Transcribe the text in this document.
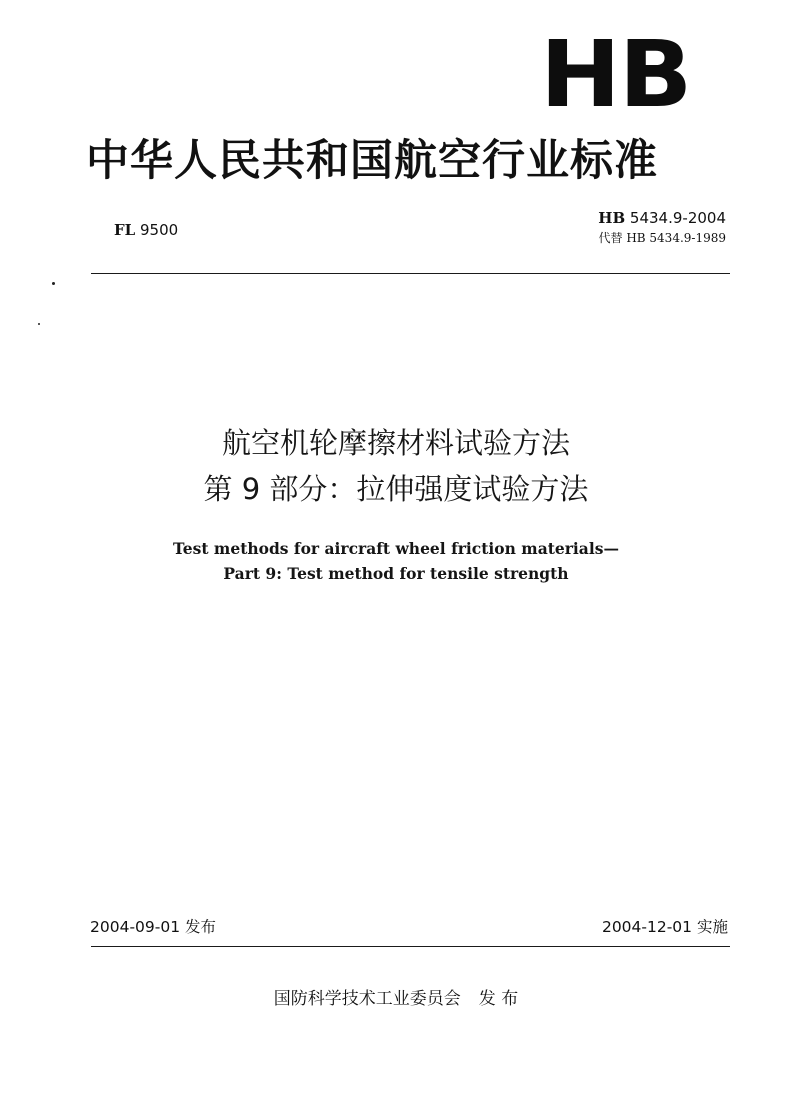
HB
中华人民共和国航空行业标准
FL 9500
HB 5434.9-2004
代替 HB 5434.9-1989
航空机轮摩擦材料试验方法
第 9 部分：拉伸强度试验方法
Test methods for aircraft wheel friction materials—
Part 9: Test method for tensile strength
2004-09-01 发布	2004-12-01 实施
国防科学技术工业委员会 发 布
